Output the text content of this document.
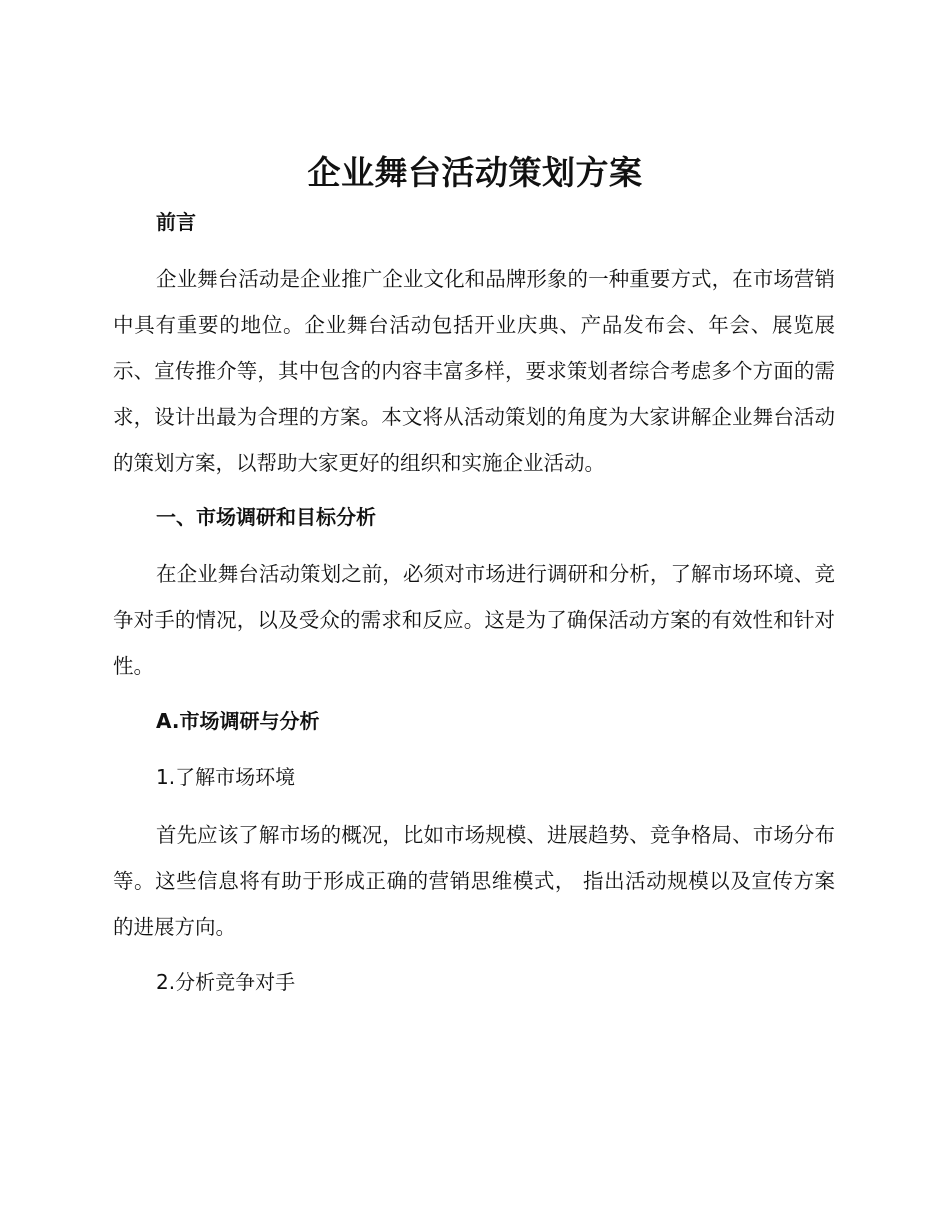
企业舞台活动策划方案
前言

企业舞台活动是企业推广企业文化和品牌形象的一种重要方式，在市场营销中具有重要的地位。企业舞台活动包括开业庆典、产品发布会、年会、展览展示、宣传推介等，其中包含的内容丰富多样，要求策划者综合考虑多个方面的需求，设计出最为合理的方案。本文将从活动策划的角度为大家讲解企业舞台活动的策划方案，以帮助大家更好的组织和实施企业活动。

一、市场调研和目标分析

在企业舞台活动策划之前，必须对市场进行调研和分析，了解市场环境、竞争对手的情况，以及受众的需求和反应。这是为了确保活动方案的有效性和针对性。

A.市场调研与分析
1.了解市场环境

首先应该了解市场的概况，比如市场规模、进展趋势、竞争格局、市场分布等。这些信息将有助于形成正确的营销思维模式， 指出活动规模以及宣传方案的进展方向。

2.分析竞争对手
